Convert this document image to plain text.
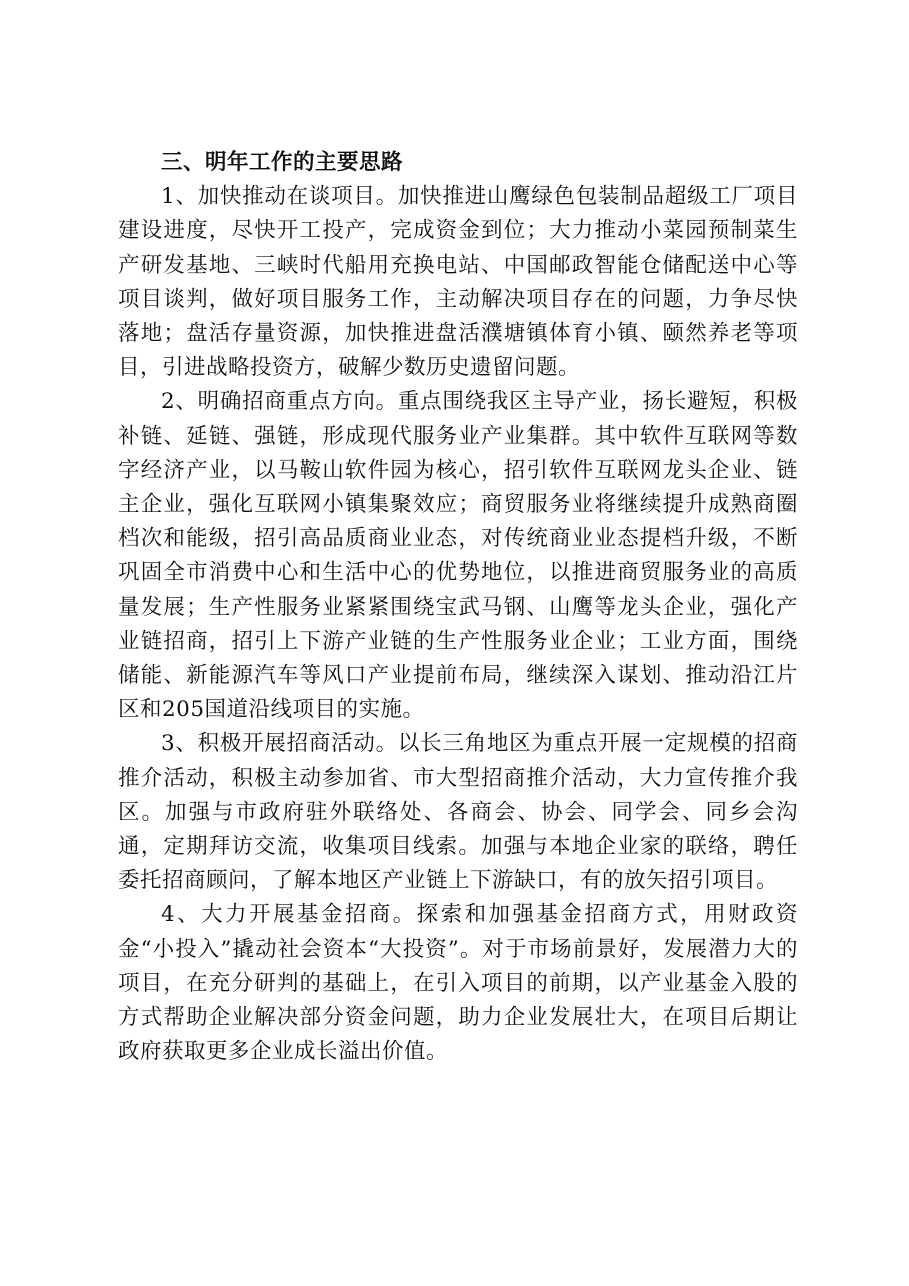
三、明年工作的主要思路

1、加快推动在谈项目。加快推进山鹰绿色包装制品超级工厂项目建设进度，尽快开工投产，完成资金到位；大力推动小菜园预制菜生产研发基地、三峡时代船用充换电站、中国邮政智能仓储配送中心等项目谈判，做好项目服务工作，主动解决项目存在的问题，力争尽快落地；盘活存量资源，加快推进盘活濮塘镇体育小镇、颐然养老等项目，引进战略投资方，破解少数历史遗留问题。

2、明确招商重点方向。重点围绕我区主导产业，扬长避短，积极补链、延链、强链，形成现代服务业产业集群。其中软件互联网等数字经济产业，以马鞍山软件园为核心，招引软件互联网龙头企业、链主企业，强化互联网小镇集聚效应；商贸服务业将继续提升成熟商圈档次和能级，招引高品质商业业态，对传统商业业态提档升级，不断巩固全市消费中心和生活中心的优势地位，以推进商贸服务业的高质量发展；生产性服务业紧紧围绕宝武马钢、山鹰等龙头企业，强化产业链招商，招引上下游产业链的生产性服务业企业；工业方面，围绕储能、新能源汽车等风口产业提前布局，继续深入谋划、推动沿江片区和205国道沿线项目的实施。

3、积极开展招商活动。以长三角地区为重点开展一定规模的招商推介活动，积极主动参加省、市大型招商推介活动，大力宣传推介我区。加强与市政府驻外联络处、各商会、协会、同学会、同乡会沟通，定期拜访交流，收集项目线索。加强与本地企业家的联络，聘任委托招商顾问，了解本地区产业链上下游缺口，有的放矢招引项目。

4、大力开展基金招商。探索和加强基金招商方式，用财政资金“小投入”撬动社会资本“大投资”。对于市场前景好，发展潜力大的项目，在充分研判的基础上，在引入项目的前期，以产业基金入股的方式帮助企业解决部分资金问题，助力企业发展壮大，在项目后期让政府获取更多企业成长溢出价值。
